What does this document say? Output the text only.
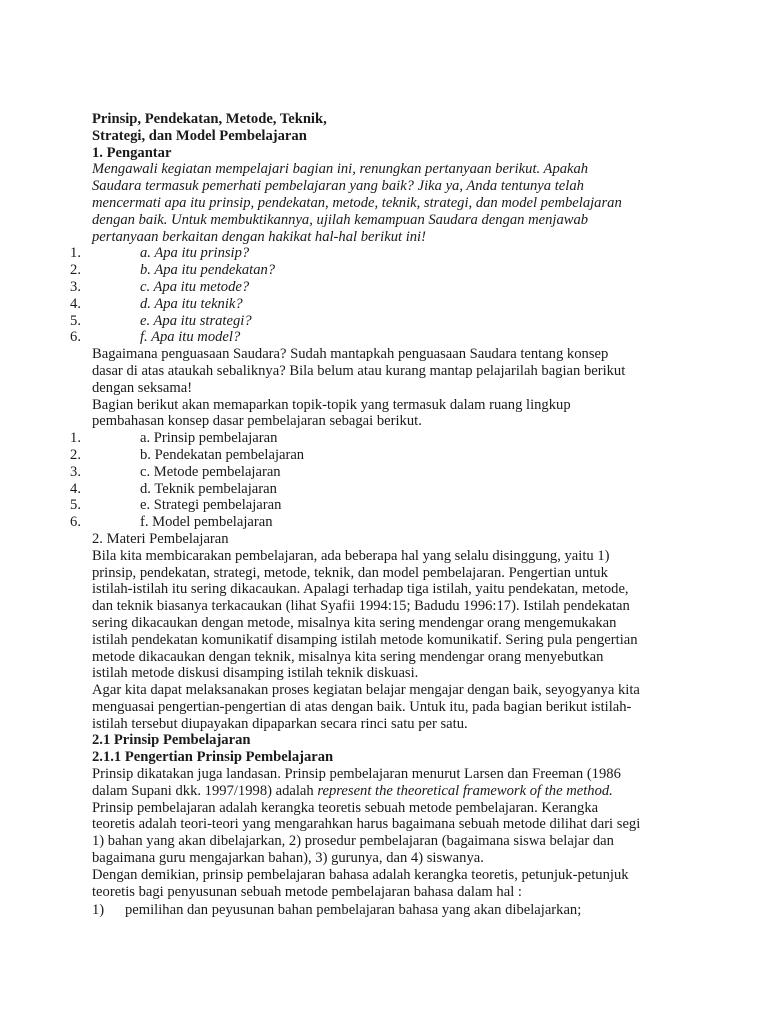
Prinsip, Pendekatan, Metode, Teknik,
Strategi, dan Model Pembelajaran
1. Pengantar
Mengawali kegiatan mempelajari bagian ini, renungkan pertanyaan berikut. Apakah
Saudara termasuk pemerhati pembelajaran yang baik? Jika ya, Anda tentunya telah
mencermati apa itu prinsip, pendekatan, metode, teknik, strategi, dan model pembelajaran
dengan baik. Untuk membuktikannya, ujilah kemampuan Saudara dengan menjawab
pertanyaan berkaitan dengan hakikat hal-hal berikut ini!
1.	a. Apa itu prinsip?
2.	b. Apa itu pendekatan?
3.	c. Apa itu metode?
4.	d. Apa itu teknik?
5.	e. Apa itu strategi?
6.	f. Apa itu model?
Bagaimana penguasaan Saudara? Sudah mantapkah penguasaan Saudara tentang konsep
dasar di atas ataukah sebaliknya? Bila belum atau kurang mantap pelajarilah bagian berikut
dengan seksama!
Bagian berikut akan memaparkan topik-topik yang termasuk dalam ruang lingkup
pembahasan konsep dasar pembelajaran sebagai berikut.
1.	a. Prinsip pembelajaran
2.	b. Pendekatan pembelajaran
3.	c. Metode pembelajaran
4.	d. Teknik pembelajaran
5.	e. Strategi pembelajaran
6.	f. Model pembelajaran
2. Materi Pembelajaran
Bila kita membicarakan pembelajaran, ada beberapa hal yang selalu disinggung, yaitu 1)
prinsip, pendekatan, strategi, metode, teknik, dan model pembelajaran. Pengertian untuk
istilah-istilah itu sering dikacaukan. Apalagi terhadap tiga istilah, yaitu pendekatan, metode,
dan teknik biasanya terkacaukan (lihat Syafii 1994:15; Badudu 1996:17). Istilah pendekatan
sering dikacaukan dengan metode, misalnya kita sering mendengar orang mengemukakan
istilah pendekatan komunikatif disamping istilah metode komunikatif. Sering pula pengertian
metode dikacaukan dengan teknik, misalnya kita sering mendengar orang menyebutkan
istilah metode diskusi disamping istilah teknik diskuasi.
Agar kita dapat melaksanakan proses kegiatan belajar mengajar dengan baik, seyogyanya kita
menguasai pengertian-pengertian di atas dengan baik. Untuk itu, pada bagian berikut istilah-
istilah tersebut diupayakan dipaparkan secara rinci satu per satu.
2.1 Prinsip Pembelajaran
2.1.1 Pengertian Prinsip Pembelajaran
Prinsip dikatakan juga landasan. Prinsip pembelajaran menurut Larsen dan Freeman (1986
dalam Supani dkk. 1997/1998) adalah represent the theoretical framework of the method.
Prinsip pembelajaran adalah kerangka teoretis sebuah metode pembelajaran. Kerangka
teoretis adalah teori-teori yang mengarahkan harus bagaimana sebuah metode dilihat dari segi
1) bahan yang akan dibelajarkan, 2) prosedur pembelajaran (bagaimana siswa belajar dan
bagaimana guru mengajarkan bahan), 3) gurunya, dan 4) siswanya.
Dengan demikian, prinsip pembelajaran bahasa adalah kerangka teoretis, petunjuk-petunjuk
teoretis bagi penyusunan sebuah metode pembelajaran bahasa dalam hal :
1) pemilihan dan peyusunan bahan pembelajaran bahasa yang akan dibelajarkan;
